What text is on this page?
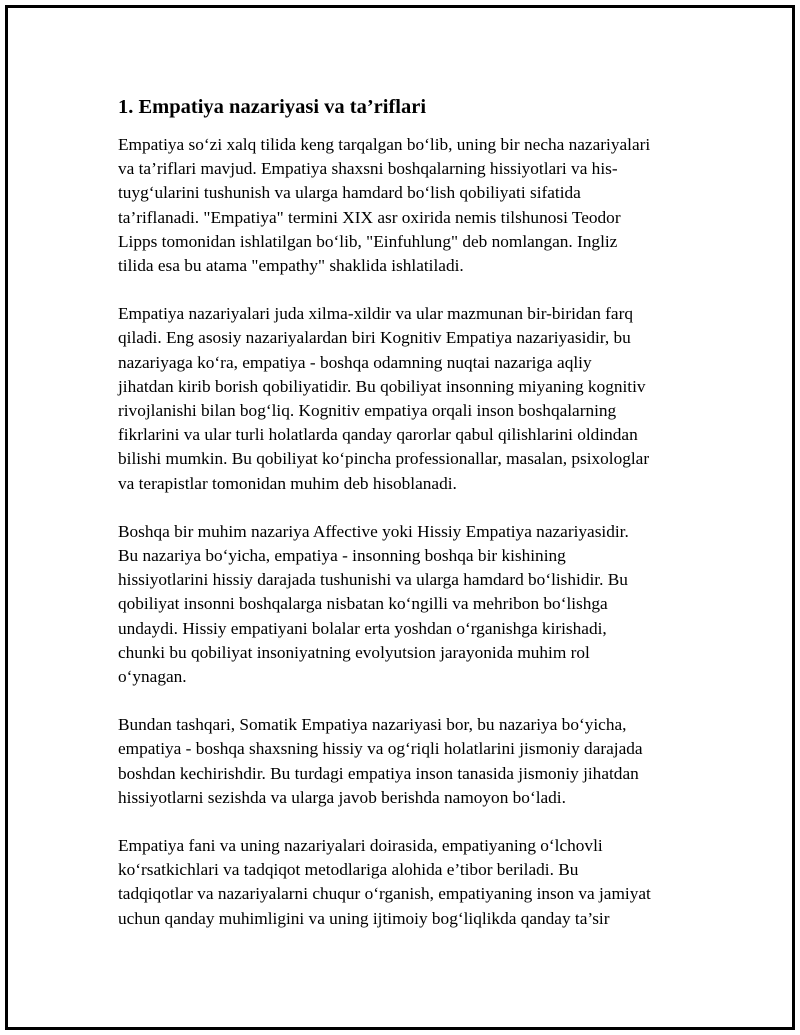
1. Empatiya nazariyasi va ta’riflari

Empatiya so‘zi xalq tilida keng tarqalgan bo‘lib, uning bir necha nazariyalari
va ta’riflari mavjud. Empatiya shaxsni boshqalarning hissiyotlari va his-
tuyg‘ularini tushunish va ularga hamdard bo‘lish qobiliyati sifatida
ta’riflanadi. "Empatiya" termini XIX asr oxirida nemis tilshunosi Teodor
Lipps tomonidan ishlatilgan bo‘lib, "Einfuhlung" deb nomlangan. Ingliz
tilida esa bu atama "empathy" shaklida ishlatiladi.

Empatiya nazariyalari juda xilma-xildir va ular mazmunan bir-biridan farq
qiladi. Eng asosiy nazariyalardan biri Kognitiv Empatiya nazariyasidir, bu
nazariyaga ko‘ra, empatiya - boshqa odamning nuqtai nazariga aqliy
jihatdan kirib borish qobiliyatidir. Bu qobiliyat insonning miyaning kognitiv
rivojlanishi bilan bog‘liq. Kognitiv empatiya orqali inson boshqalarning
fikrlarini va ular turli holatlarda qanday qarorlar qabul qilishlarini oldindan
bilishi mumkin. Bu qobiliyat ko‘pincha professionallar, masalan, psixologlar
va terapistlar tomonidan muhim deb hisoblanadi.

Boshqa bir muhim nazariya Affective yoki Hissiy Empatiya nazariyasidir.
Bu nazariya bo‘yicha, empatiya - insonning boshqa bir kishining
hissiyotlarini hissiy darajada tushunishi va ularga hamdard bo‘lishidir. Bu
qobiliyat insonni boshqalarga nisbatan ko‘ngilli va mehribon bo‘lishga
undaydi. Hissiy empatiyani bolalar erta yoshdan o‘rganishga kirishadi,
chunki bu qobiliyat insoniyatning evolyutsion jarayonida muhim rol
o‘ynagan.

Bundan tashqari, Somatik Empatiya nazariyasi bor, bu nazariya bo‘yicha,
empatiya - boshqa shaxsning hissiy va og‘riqli holatlarini jismoniy darajada
boshdan kechirishdir. Bu turdagi empatiya inson tanasida jismoniy jihatdan
hissiyotlarni sezishda va ularga javob berishda namoyon bo‘ladi.

Empatiya fani va uning nazariyalari doirasida, empatiyaning o‘lchovli
ko‘rsatkichlari va tadqiqot metodlariga alohida e’tibor beriladi. Bu
tadqiqotlar va nazariyalarni chuqur o‘rganish, empatiyaning inson va jamiyat
uchun qanday muhimligini va uning ijtimoiy bog‘liqlikda qanday ta’sir
